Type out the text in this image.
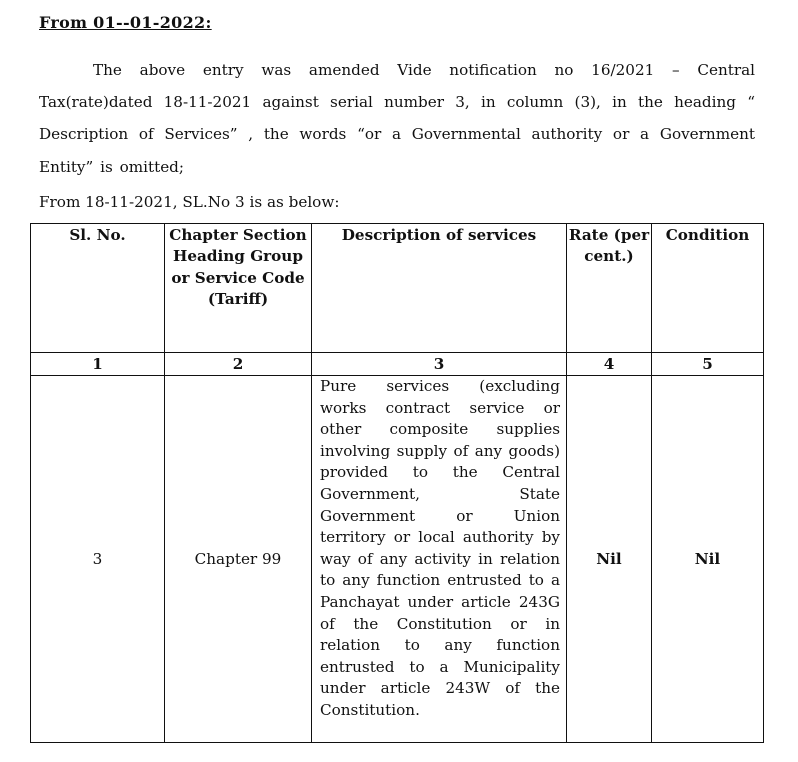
From 01--01-2022:
The above entry was amended Vide notification no 16/2021 – Central Tax(rate)dated 18-11-2021 against serial number 3, in column (3), in the heading “ Description of Services” , the words “or a Governmental authority or a Government Entity” is omitted;
From 18-11-2021, SL.No 3 is as below:
Sl. No.	Chapter Section Heading Group or Service Code (Tariff)	Description of services	Rate (per cent.)	Condition
1	2	3	4	5
3	Chapter 99	Pure services (excluding works contract service or other composite supplies involving supply of any goods) provided to the Central Government, State Government or Union territory or local authority by way of any activity in relation to any function entrusted to a Panchayat under article 243G of the Constitution or in relation to any function entrusted to a Municipality under article 243W of the Constitution.	Nil	Nil
